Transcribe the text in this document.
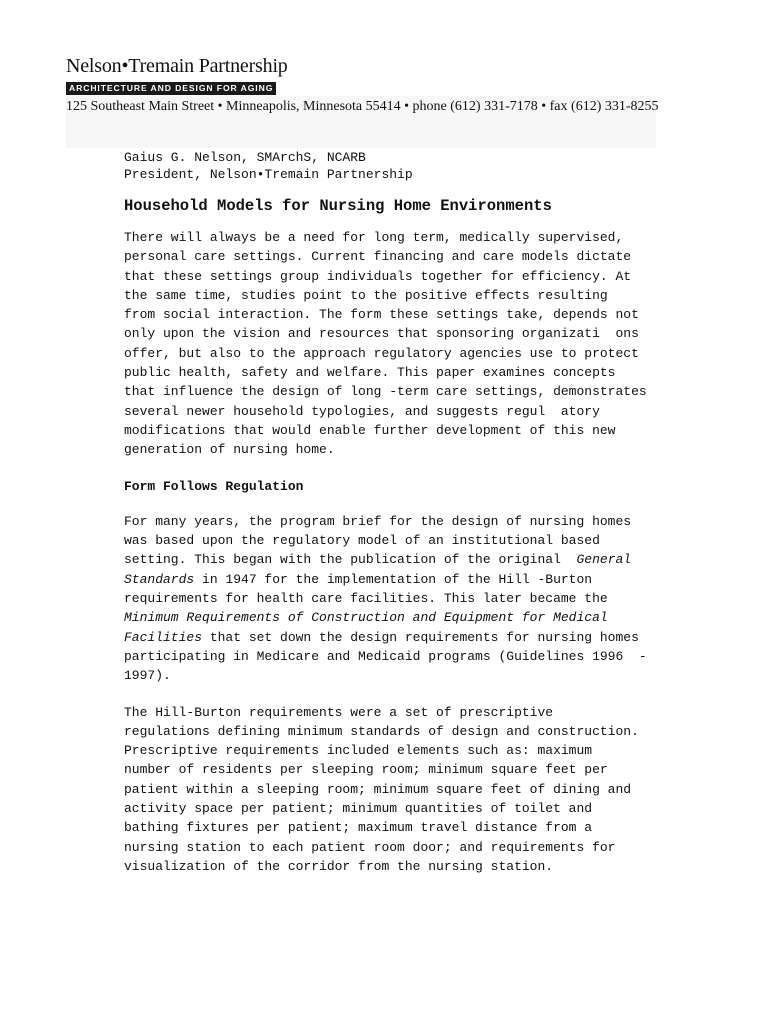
Nelson•Tremain Partnership
ARCHITECTURE AND DESIGN FOR AGING
125 Southeast Main Street • Minneapolis, Minnesota 55414 • phone (612) 331-7178 • fax (612) 331-8255
Gaius G. Nelson, SMArchS, NCARB
President, Nelson•Tremain Partnership
Household Models for Nursing Home Environments
There will always be a need for long term, medically supervised,
personal care settings. Current financing and care models dictate
that these settings group individuals together for efficiency. At
the same time, studies point to the positive effects resulting
from social interaction. The form these settings take, depends not
only upon the vision and resources that sponsoring organizati  ons
offer, but also to the approach regulatory agencies use to protect
public health, safety and welfare. This paper examines concepts
that influence the design of long -term care settings, demonstrates
several newer household typologies, and suggests regul  atory
modifications that would enable further development of this new
generation of nursing home.
Form Follows Regulation
For many years, the program brief for the design of nursing homes
was based upon the regulatory model of an institutional based
setting. This began with the publication of the original  General
Standards in 1947 for the implementation of the Hill -Burton
requirements for health care facilities. This later became the
Minimum Requirements of Construction and Equipment for Medical
Facilities that set down the design requirements for nursing homes
participating in Medicare and Medicaid programs (Guidelines 1996  -
1997).
The Hill-Burton requirements were a set of prescriptive
regulations defining minimum standards of design and construction.
Prescriptive requirements included elements such as: maximum
number of residents per sleeping room; minimum square feet per
patient within a sleeping room; minimum square feet of dining and
activity space per patient; minimum quantities of toilet and
bathing fixtures per patient; maximum travel distance from a
nursing station to each patient room door; and requirements for
visualization of the corridor from the nursing station.
